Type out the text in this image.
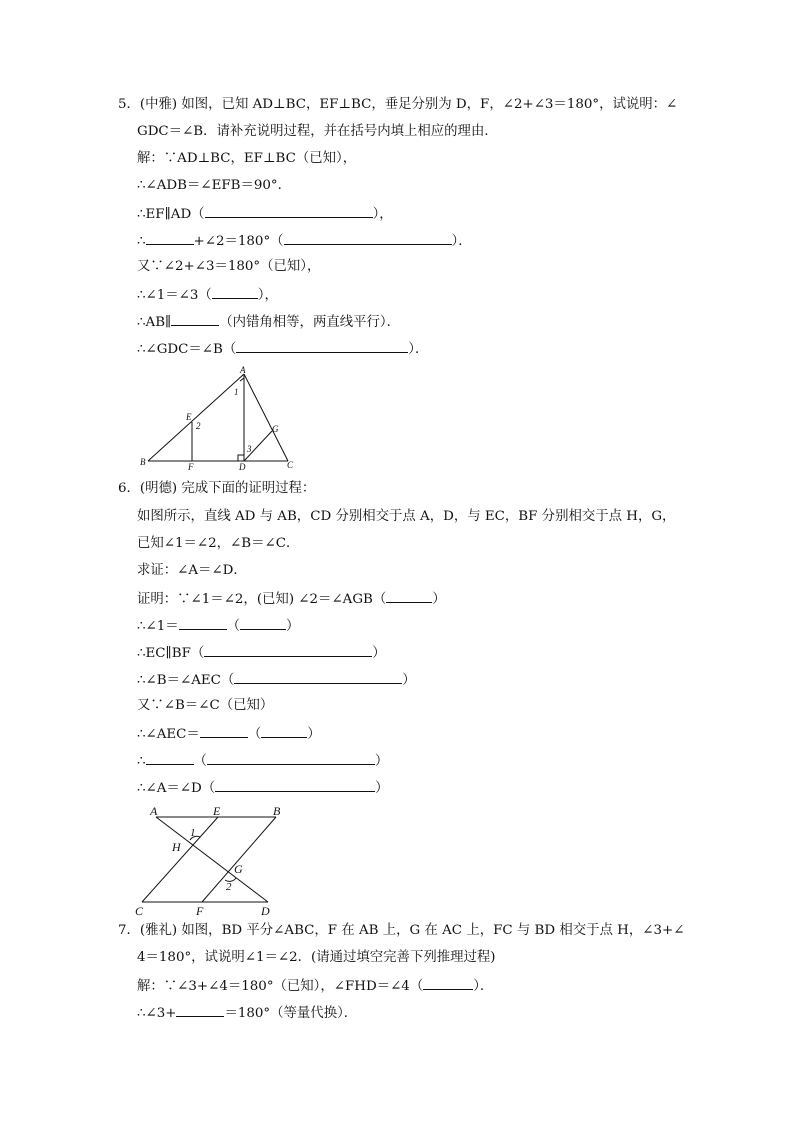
5．(中雅) 如图，已知 AD⊥BC，EF⊥BC，垂足分别为 D，F，∠2+∠3＝180°，试说明：∠
GDC＝∠B．请补充说明过程，并在括号内填上相应的理由．
解：∵AD⊥BC，EF⊥BC（已知），
∴∠ADB＝∠EFB＝90°．
∴EF∥AD（	），
∴	+∠2＝180°（	）．
又∵∠2+∠3＝180°（已知），
∴∠1＝∠3（	），
∴AB∥	（内错角相等，两直线平行）．
∴∠GDC＝∠B（	）．
A
B	C
D
E
F
G
1
2
3
6．(明德) 完成下面的证明过程：
如图所示，直线 AD 与 AB，CD 分别相交于点 A，D，与 EC，BF 分别相交于点 H，G，
已知∠1＝∠2，∠B＝∠C．
求证：∠A＝∠D．
证明：∵∠1＝∠2，(已知) ∠2＝∠AGB（	）
∴∠1＝	（	）
∴EC∥BF（	）
∴∠B＝∠AEC（	）
又∵∠B＝∠C（已知）
∴∠AEC＝	（	）
∴	（	）
∴∠A＝∠D（	）
A	E	B
H
G
C	F	D
1
2
7．(雅礼) 如图，BD 平分∠ABC，F 在 AB 上，G 在 AC 上，FC 与 BD 相交于点 H，∠3+∠
4＝180°，试说明∠1＝∠2．(请通过填空完善下列推理过程)
解：∵∠3+∠4＝180°（已知），∠FHD＝∠4（	）．
∴∠3+	＝180°（等量代换）．
